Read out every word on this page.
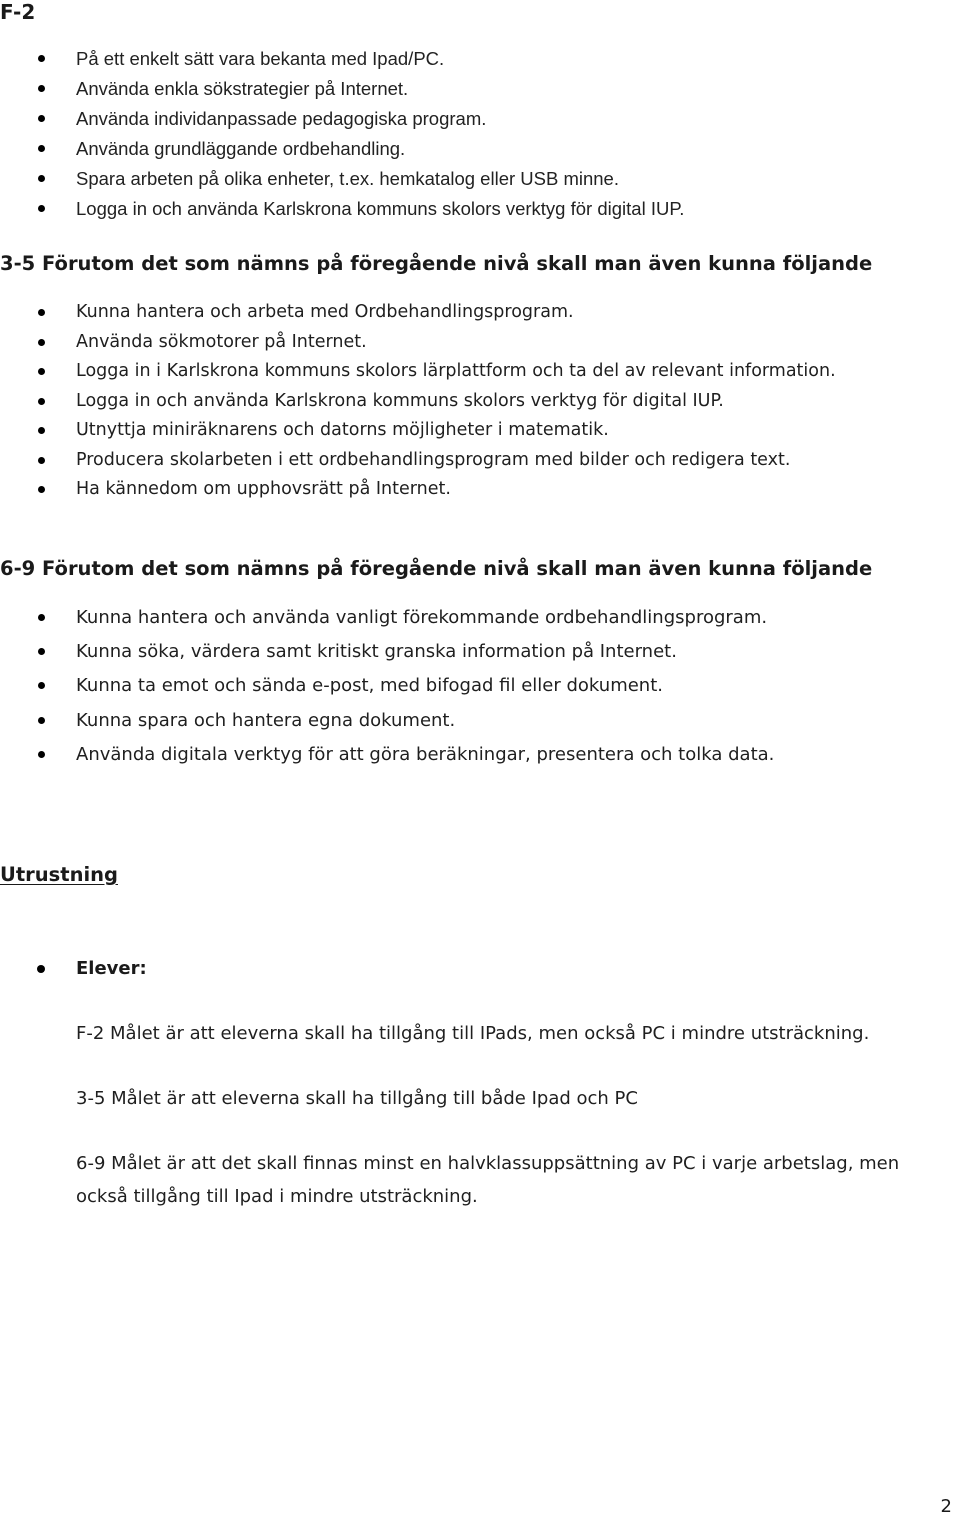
F-2
På ett enkelt sätt vara bekanta med Ipad/PC.
Använda enkla sökstrategier på Internet.
Använda individanpassade pedagogiska program.
Använda grundläggande ordbehandling.
Spara arbeten på olika enheter, t.ex. hemkatalog eller USB minne.
Logga in och använda Karlskrona kommuns skolors verktyg för digital IUP.
3-5 Förutom det som nämns på föregående nivå skall man även kunna följande
Kunna hantera och arbeta med Ordbehandlingsprogram.
Använda sökmotorer på Internet.
Logga in i Karlskrona kommuns skolors lärplattform och ta del av relevant information.
Logga in och använda Karlskrona kommuns skolors verktyg för digital IUP.
Utnyttja miniräknarens och datorns möjligheter i matematik.
Producera skolarbeten i ett ordbehandlingsprogram med bilder och redigera text.
Ha kännedom om upphovsrätt på Internet.
6-9 Förutom det som nämns på föregående nivå skall man även kunna följande
Kunna hantera och använda vanligt förekommande ordbehandlingsprogram.
Kunna söka, värdera samt kritiskt granska information på Internet.
Kunna ta emot och sända e-post, med bifogad fil eller dokument.
Kunna spara och hantera egna dokument.
Använda digitala verktyg för att göra beräkningar, presentera och tolka data.
Utrustning
Elever:
F-2 Målet är att eleverna skall ha tillgång till IPads, men också PC i mindre utsträckning.
3-5 Målet är att eleverna skall ha tillgång till både Ipad och PC
6-9 Målet är att det skall finnas minst en halvklassuppsättning av PC i varje arbetslag, men
också tillgång till Ipad i mindre utsträckning.
2
